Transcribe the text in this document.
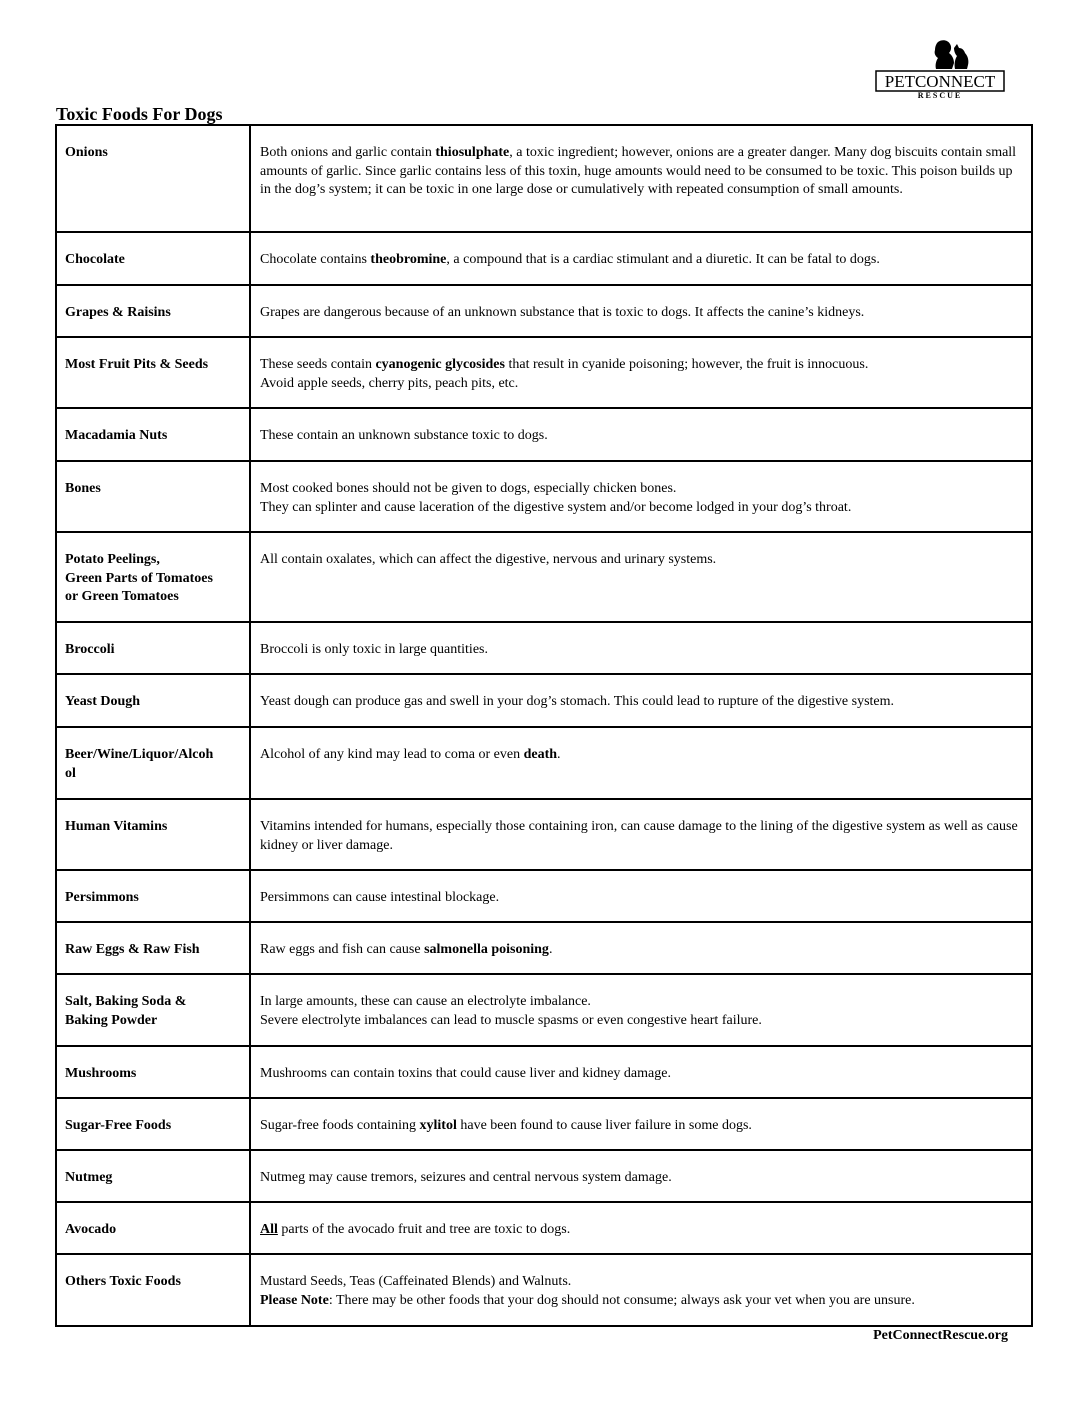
PETCONNECT
RESCUE
Toxic Foods For Dogs
Onions	Both onions and garlic contain thiosulphate, a toxic ingredient; however, onions are a greater danger. Many dog biscuits contain small amounts of garlic. Since garlic contains less of this toxin, huge amounts would need to be consumed to be toxic. This poison builds up in the dog’s system; it can be toxic in one large dose or cumulatively with repeated consumption of small amounts.
Chocolate	Chocolate contains theobromine, a compound that is a cardiac stimulant and a diuretic. It can be fatal to dogs.
Grapes & Raisins	Grapes are dangerous because of an unknown substance that is toxic to dogs. It affects the canine’s kidneys.
Most Fruit Pits & Seeds	These seeds contain cyanogenic glycosides that result in cyanide poisoning; however, the fruit is innocuous.
Avoid apple seeds, cherry pits, peach pits, etc.
Macadamia Nuts	These contain an unknown substance toxic to dogs.
Bones	Most cooked bones should not be given to dogs, especially chicken bones.
They can splinter and cause laceration of the digestive system and/or become lodged in your dog’s throat.
Potato Peelings,
Green Parts of Tomatoes
or Green Tomatoes	All contain oxalates, which can affect the digestive, nervous and urinary systems.
Broccoli	Broccoli is only toxic in large quantities.
Yeast Dough	Yeast dough can produce gas and swell in your dog’s stomach. This could lead to rupture of the digestive system.
Beer/Wine/Liquor/Alcoh
ol	Alcohol of any kind may lead to coma or even death.
Human Vitamins	Vitamins intended for humans, especially those containing iron, can cause damage to the lining of the digestive system as well as cause kidney or liver damage.
Persimmons	Persimmons can cause intestinal blockage.
Raw Eggs & Raw Fish	Raw eggs and fish can cause salmonella poisoning.
Salt, Baking Soda &
Baking Powder	In large amounts, these can cause an electrolyte imbalance.
Severe electrolyte imbalances can lead to muscle spasms or even congestive heart failure.
Mushrooms	Mushrooms can contain toxins that could cause liver and kidney damage.
Sugar-Free Foods	Sugar-free foods containing xylitol have been found to cause liver failure in some dogs.
Nutmeg	Nutmeg may cause tremors, seizures and central nervous system damage.
Avocado	All parts of the avocado fruit and tree are toxic to dogs.
Others Toxic Foods	Mustard Seeds, Teas (Caffeinated Blends) and Walnuts.
Please Note: There may be other foods that your dog should not consume; always ask your vet when you are unsure.
PetConnectRescue.org
